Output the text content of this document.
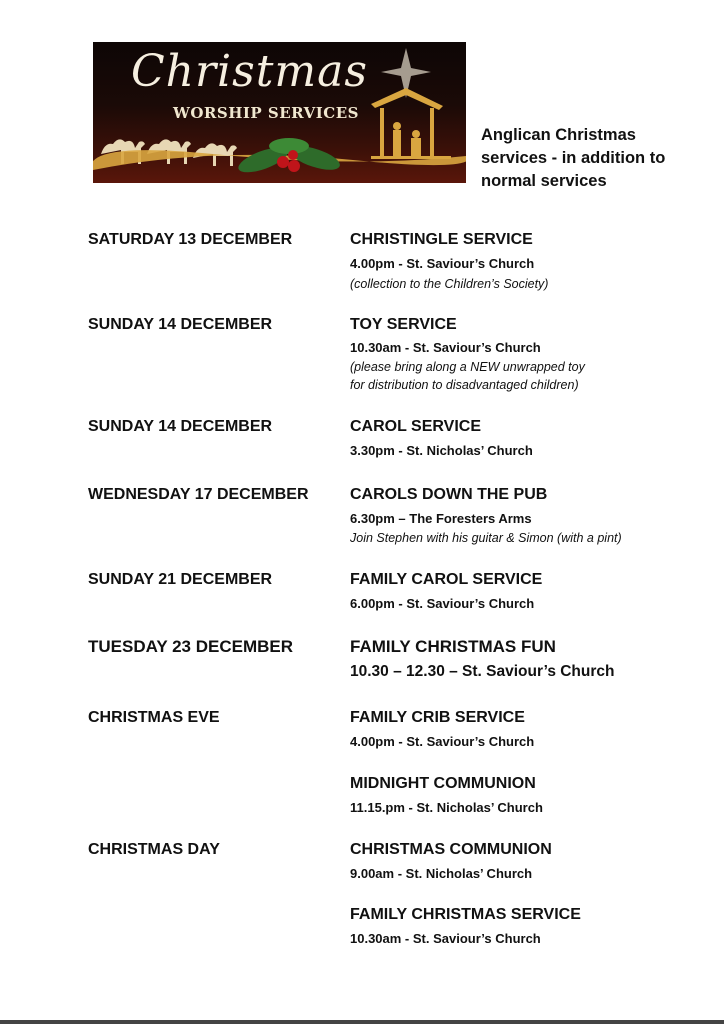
Christmas
WORSHIP SERVICES
Anglican Christmas
services - in addition to
normal services
SATURDAY 13 DECEMBER	CHRISTINGLE SERVICE
4.00pm - St. Saviour’s Church
(collection to the Children’s Society)
SUNDAY 14 DECEMBER	TOY SERVICE
10.30am - St. Saviour’s Church
(please bring along a NEW unwrapped toy
for distribution to disadvantaged children)
SUNDAY 14 DECEMBER	CAROL SERVICE
3.30pm - St. Nicholas’ Church
WEDNESDAY 17 DECEMBER	CAROLS DOWN THE PUB
6.30pm – The Foresters Arms
Join Stephen with his guitar & Simon (with a pint)
SUNDAY 21 DECEMBER	FAMILY CAROL SERVICE
6.00pm - St. Saviour’s Church
TUESDAY 23 DECEMBER	FAMILY CHRISTMAS FUN
10.30 – 12.30 – St. Saviour’s Church
CHRISTMAS EVE	FAMILY CRIB SERVICE
4.00pm - St. Saviour’s Church
MIDNIGHT COMMUNION
11.15.pm - St. Nicholas’ Church
CHRISTMAS DAY	CHRISTMAS COMMUNION
9.00am - St. Nicholas’ Church
FAMILY CHRISTMAS SERVICE
10.30am - St. Saviour’s Church
